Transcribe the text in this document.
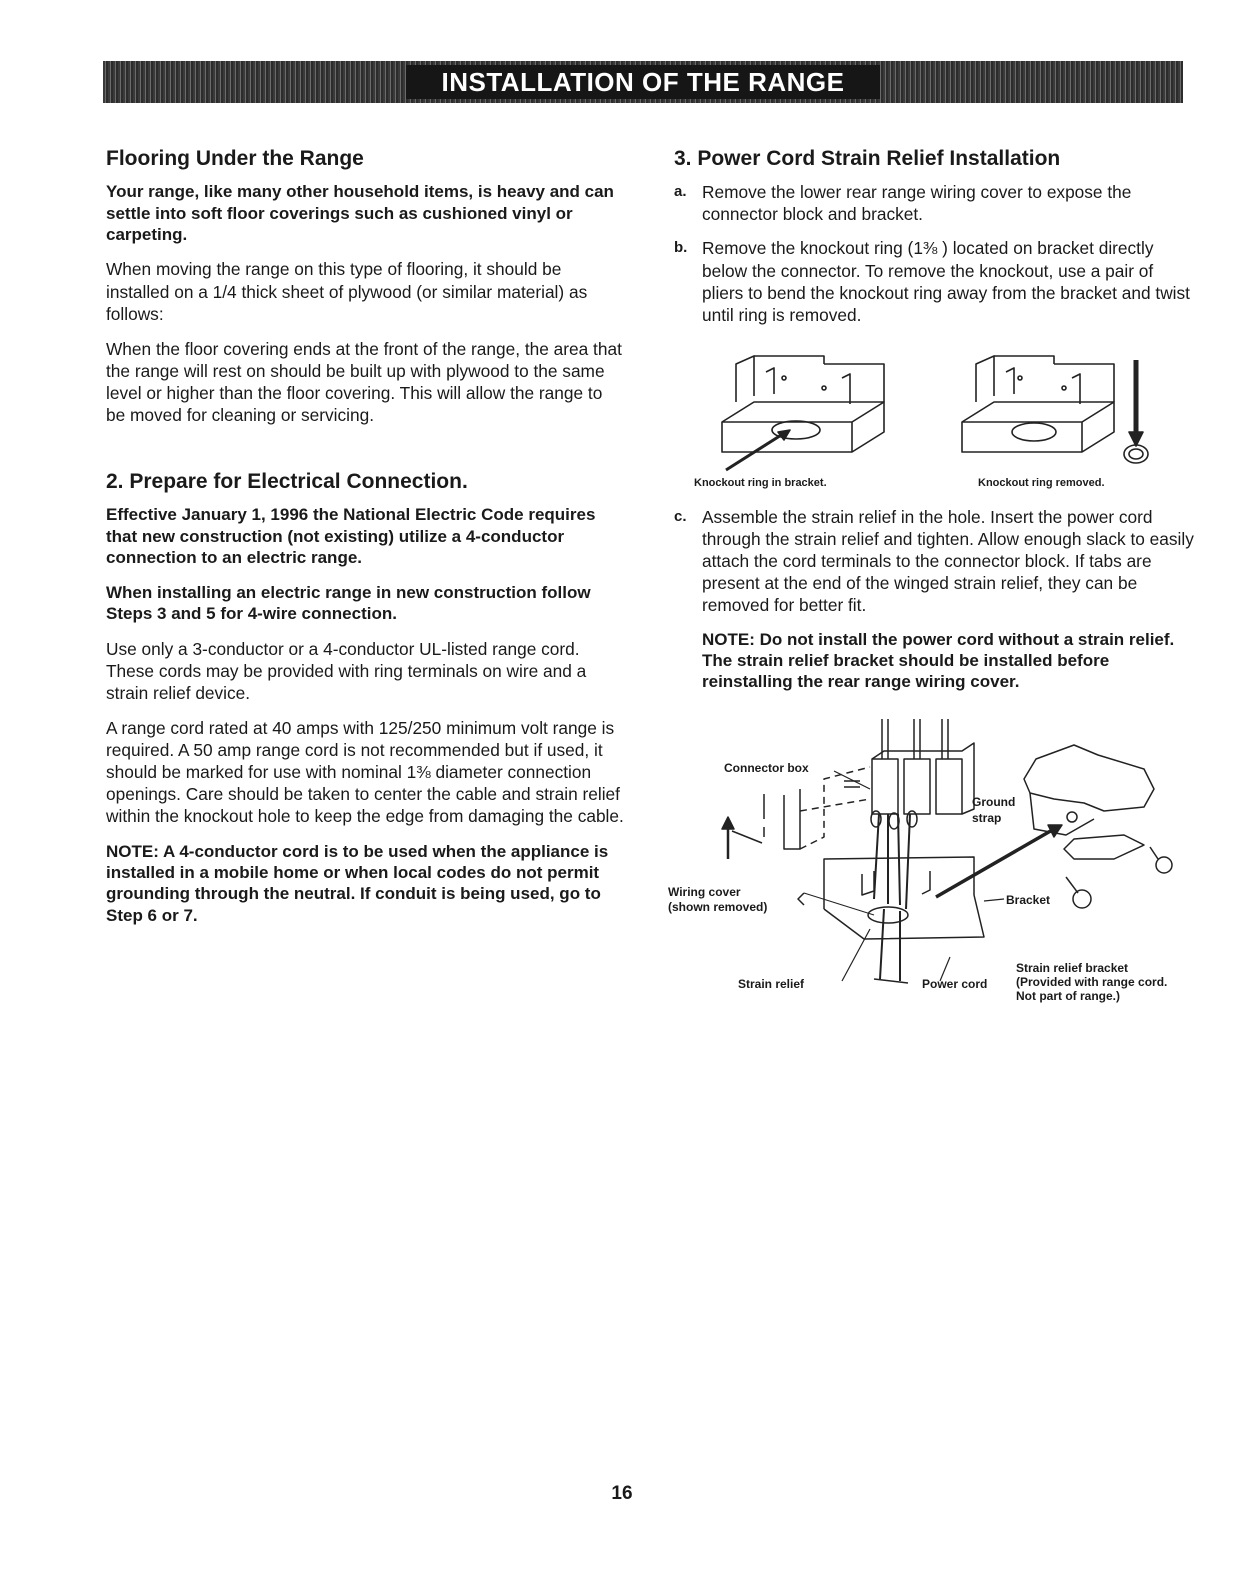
INSTALLATION OF THE RANGE
Flooring Under the Range

Your range, like many other household items, is heavy and can settle into soft floor coverings such as cushioned vinyl or carpeting.

When moving the range on this type of flooring, it should be installed on a 1/4 thick sheet of plywood (or similar material) as follows:

When the floor covering ends at the front of the range, the area that the range will rest on should be built up with plywood to the same level or higher than the floor covering. This will allow the range to be moved for cleaning or servicing.

2. Prepare for Electrical Connection.

Effective January 1, 1996 the National Electric Code requires that new construction (not existing) utilize a 4-conductor connection to an electric range.

When installing an electric range in new construction follow Steps 3 and 5 for 4-wire connection.

Use only a 3-conductor or a 4-conductor UL-listed range cord. These cords may be provided with ring terminals on wire and a strain relief device.

A range cord rated at 40 amps with 125/250 minimum volt range is required. A 50 amp range cord is not recommended but if used, it should be marked for use with nominal 1⅜ diameter connection openings. Care should be taken to center the cable and strain relief within the knockout hole to keep the edge from damaging the cable.

NOTE: A 4-conductor cord is to be used when the appliance is installed in a mobile home or when local codes do not permit grounding through the neutral. If conduit is being used, go to Step 6 or 7.

3. Power Cord Strain Relief Installation
a. Remove the lower rear range wiring cover to expose the connector block and bracket.
b. Remove the knockout ring (1⅜ ) located on bracket directly below the connector. To remove the knockout, use a pair of pliers to bend the knockout ring away from the bracket and twist until ring is removed.
Knockout ring in bracket.	Knockout ring removed.
c. Assemble the strain relief in the hole. Insert the power cord through the strain relief and tighten. Allow enough slack to easily attach the cord terminals to the connector block. If tabs are present at the end of the winged strain relief, they can be removed for better fit.

NOTE: Do not install the power cord without a strain relief. The strain relief bracket should be installed before reinstalling the rear range wiring cover.

Connector box
Ground
strap
Wiring cover
(shown removed)	Bracket
Strain relief	Power cord
Strain relief bracket
(Provided with range cord.
Not part of range.)
16
